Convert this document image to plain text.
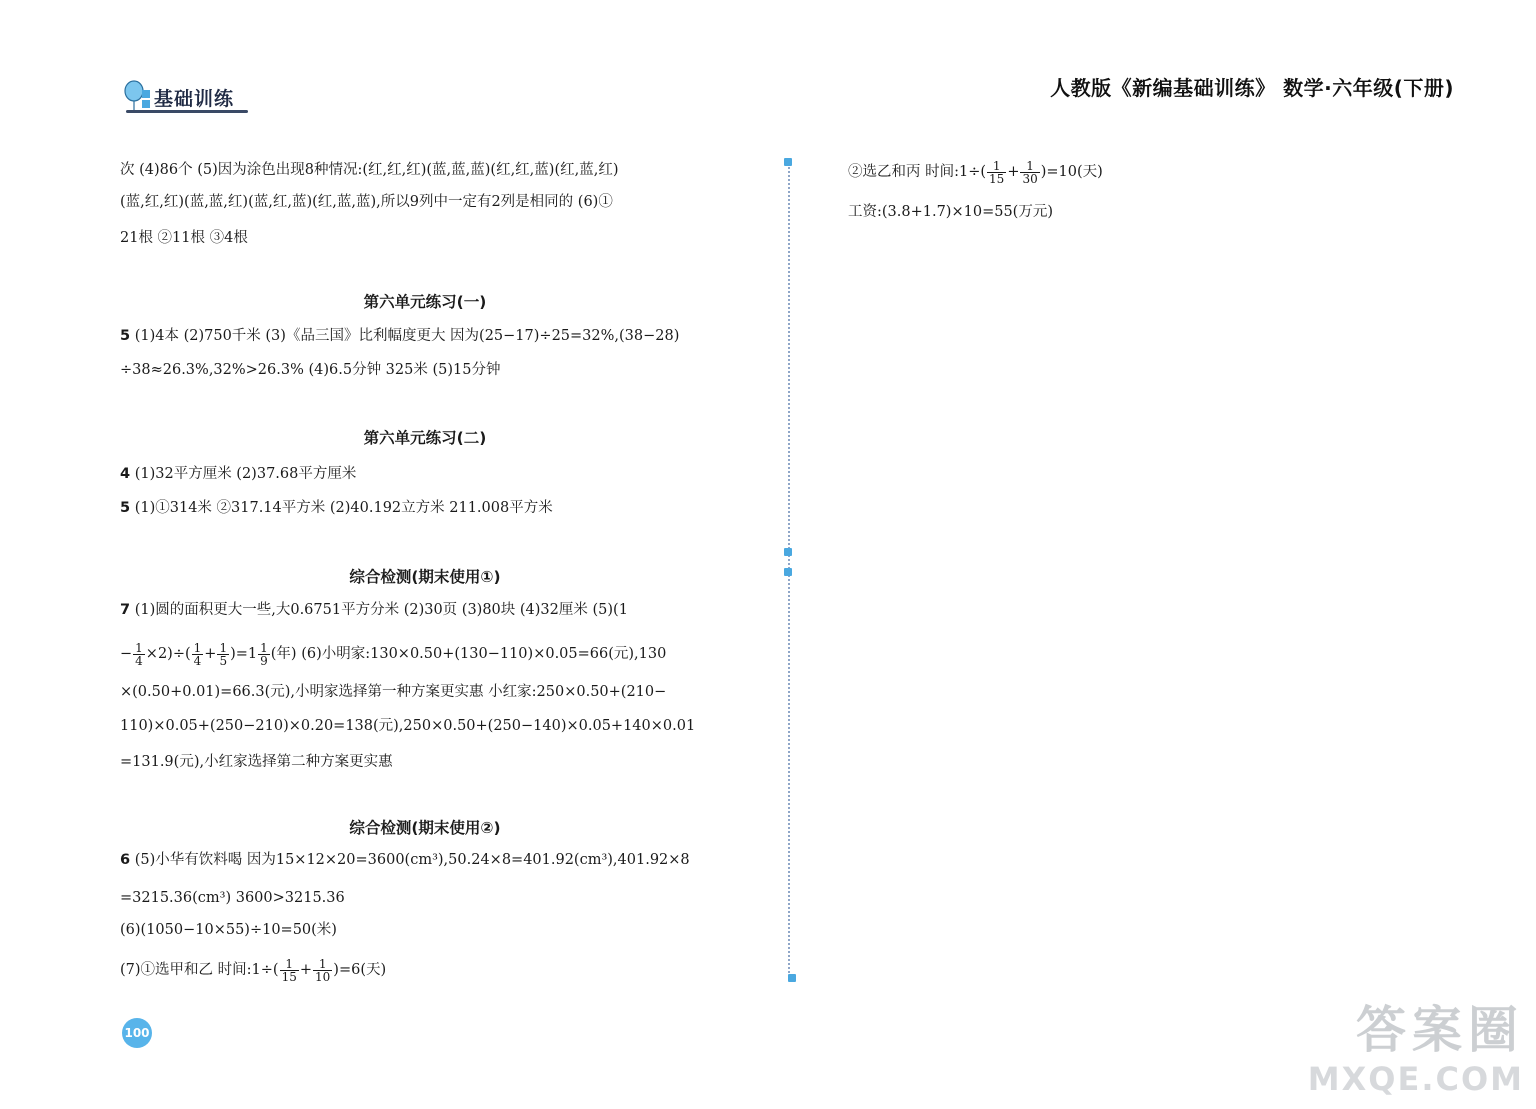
基础训练	人教版《新编基础训练》 数学·六年级(下册)
次 (4)86个 (5)因为涂色出现8种情况:(红,红,红)(蓝,蓝,蓝)(红,红,蓝)(红,蓝,红)
(蓝,红,红)(蓝,蓝,红)(蓝,红,蓝)(红,蓝,蓝),所以9列中一定有2列是相同的 (6)①
21根 ②11根 ③4根
第六单元练习(一)
5 (1)4本 (2)750千米 (3)《品三国》比利幅度更大 因为(25−17)÷25=32%,(38−28)
÷38≈26.3%,32%>26.3% (4)6.5分钟 325米 (5)15分钟
第六单元练习(二)
4 (1)32平方厘米 (2)37.68平方厘米
5 (1)①314米 ②317.14平方米 (2)40.192立方米 211.008平方米
综合检测(期末使用①)
7 (1)圆的面积更大一些,大0.6751平方分米 (2)30页 (3)80块 (4)32厘米 (5)(1
− $\frac{1}{4} \times 2)\div( \frac{1}{4} + \frac{1}{5} )=1 \frac{1}{9}$ (年) (6)小明家:130×0.50+(130−110)×0.05=66(元),130
×(0.50+0.01)=66.3(元),小明家选择第一种方案更实惠 小红家:250×0.50+(210−
110)×0.05+(250−210)×0.20=138(元),250×0.50+(250−140)×0.05+140×0.01
=131.9(元),小红家选择第二种方案更实惠
综合检测(期末使用②)
6 (5)小华有饮料喝 因为15×12×20=3600(cm³),50.24×8=401.92(cm³),401.92×8
=3215.36(cm³) 3600>3215.36
(6)(1050−10×55)÷10=50(米)
(7)①选甲和乙 时间:1÷( $\frac{1}{15} + \frac{1}{10} )=6$(天)
②选乙和丙 时间:1÷( $\frac{1}{15} + \frac{1}{30} )=10$(天)
工资:(3.8+1.7)×10=55(万元)
100	答案圈
MXQE.COM
